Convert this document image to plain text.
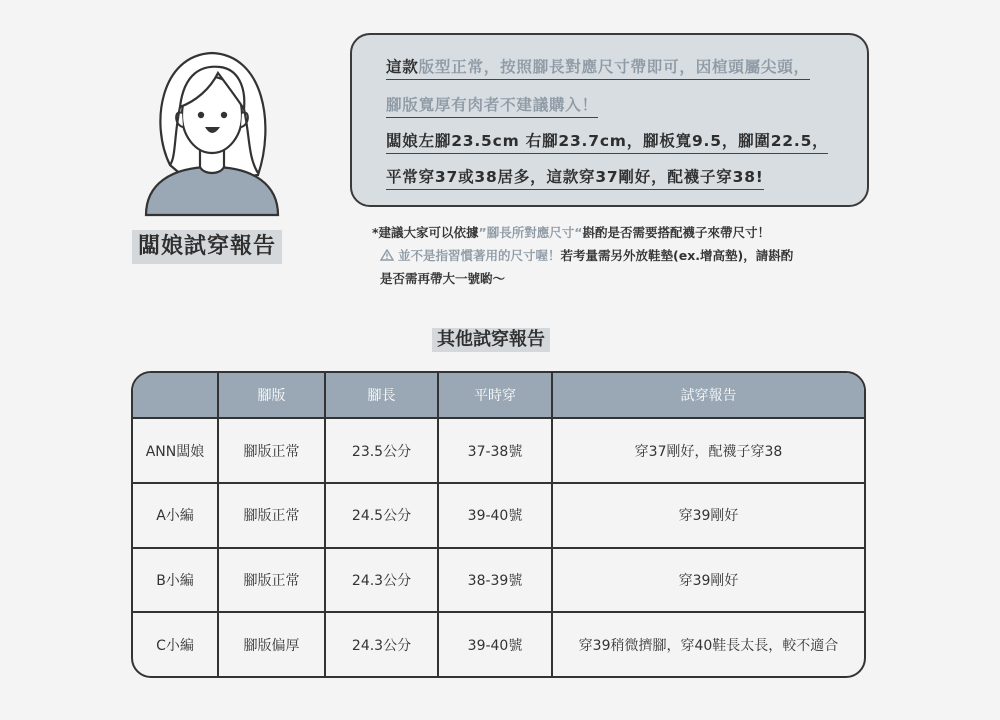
闆娘試穿報告
這款版型正常，按照腳長對應尺寸帶即可，因楦頭屬尖頭，
腳版寬厚有肉者不建議購入！
闆娘左腳23.5cm 右腳23.7cm，腳板寬9.5，腳圍22.5，
平常穿37或38居多，這款穿37剛好，配襪子穿38!
*建議大家可以依據”腳長所對應尺寸“斟酌是否需要搭配襪子來帶尺寸！
並不是指習慣著用的尺寸喔！若考量需另外放鞋墊(ex.增高墊)，請斟酌
是否需再帶大一號喲～
其他試穿報告
	腳版	腳長	平時穿	試穿報告
ANN闆娘	腳版正常	23.5公分	37-38號	穿37剛好，配襪子穿38
A小編	腳版正常	24.5公分	39-40號	穿39剛好
B小編	腳版正常	24.3公分	38-39號	穿39剛好
C小編	腳版偏厚	24.3公分	39-40號	穿39稍微擠腳，穿40鞋長太長，較不適合
